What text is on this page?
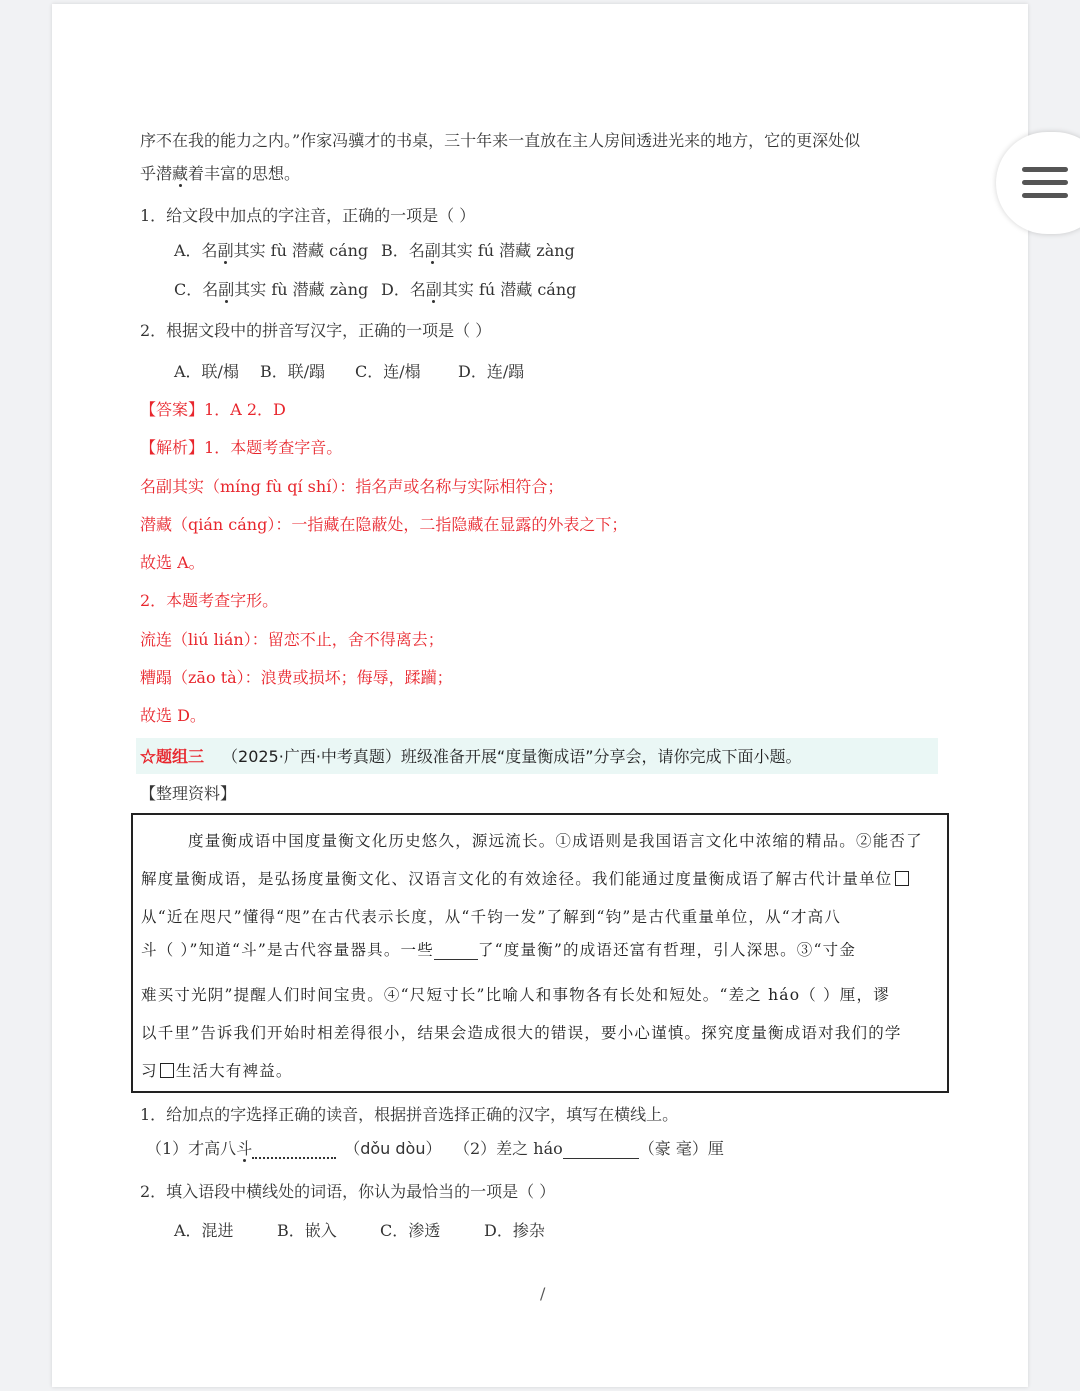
序不在我的能力之内。”作家冯骥才的书桌，三十年来一直放在主人房间透进光来的地方，它的更深处似
乎潜藏着丰富的思想。
1．给文段中加点的字注音，正确的一项是（ ）
A．名副其实 fù 潜藏 cáng B．名副其实 fú 潜藏 zàng
C．名副其实 fù 潜藏 zàng D．名副其实 fú 潜藏 cáng
2．根据文段中的拼音写汉字，正确的一项是（ ）
A．联/榻 B．联/蹋 C．连/榻 D．连/蹋
【答案】1．A 2．D
【解析】1．本题考查字音。
名副其实（míng fù qí shí）：指名声或名称与实际相符合；
潜藏（qián cáng）：一指藏在隐蔽处，二指隐藏在显露的外表之下；
故选 A。
2．本题考查字形。
流连（liú lián）：留恋不止，舍不得离去；
糟蹋（zāo tà）：浪费或损坏；侮辱，蹂躏；
故选 D。
☆题组三 （2025·广西·中考真题）班级准备开展“度量衡成语”分享会，请你完成下面小题。
【整理资料】
度量衡成语中国度量衡文化历史悠久，源远流长。①成语则是我国语言文化中浓缩的精品。②能否了
解度量衡成语，是弘扬度量衡文化、汉语言文化的有效途径。我们能通过度量衡成语了解古代计量单位
从“近在咫尺”懂得“咫”在古代表示长度，从“千钧一发”了解到“钧”是古代重量单位，从“才高八
斗（ ）”知道“斗”是古代容量器具。一些	了“度量衡”的成语还富有哲理，引人深思。③“寸金
难买寸光阴”提醒人们时间宝贵。④“尺短寸长”比喻人和事物各有长处和短处。“差之 háo（ ）厘，谬
以千里”告诉我们开始时相差得很小，结果会造成很大的错误，要小心谨慎。探究度量衡成语对我们的学
习 生活大有裨益。
1．给加点的字选择正确的读音，根据拼音选择正确的汉字，填写在横线上。
（1）才高八斗	（dǒu dòu） （2）差之 háo	（豪 毫）厘
2．填入语段中横线处的词语，你认为最恰当的一项是（ ）
A．混进	B．嵌入	C．渗透	D．掺杂
/
